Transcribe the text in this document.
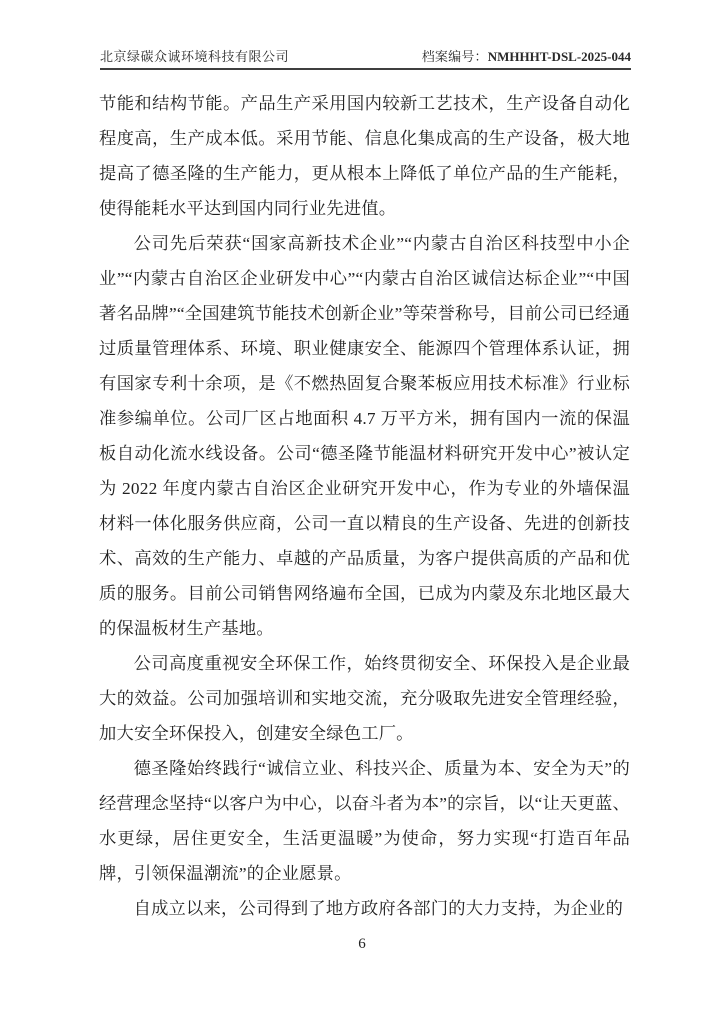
北京绿碳众诚环境科技有限公司	档案编号：NMHHHT-DSL-2025-044

节能和结构节能。产品生产采用国内较新工艺技术，生产设备自动化程度高，生产成本低。采用节能、信息化集成高的生产设备，极大地提高了德圣隆的生产能力，更从根本上降低了单位产品的生产能耗，使得能耗水平达到国内同行业先进值。

公司先后荣获“国家高新技术企业”“内蒙古自治区科技型中小企业”“内蒙古自治区企业研发中心”“内蒙古自治区诚信达标企业”“中国著名品牌”“全国建筑节能技术创新企业”等荣誉称号，目前公司已经通过质量管理体系、环境、职业健康安全、能源四个管理体系认证，拥有国家专利十余项，是《不燃热固复合聚苯板应用技术标准》行业标准参编单位。公司厂区占地面积 4.7 万平方米，拥有国内一流的保温板自动化流水线设备。公司“德圣隆节能温材料研究开发中心”被认定为 2022 年度内蒙古自治区企业研究开发中心，作为专业的外墙保温材料一体化服务供应商，公司一直以精良的生产设备、先进的创新技术、高效的生产能力、卓越的产品质量，为客户提供高质的产品和优质的服务。目前公司销售网络遍布全国，已成为内蒙及东北地区最大的保温板材生产基地。

公司高度重视安全环保工作，始终贯彻安全、环保投入是企业最大的效益。公司加强培训和实地交流，充分吸取先进安全管理经验，加大安全环保投入，创建安全绿色工厂。

德圣隆始终践行“诚信立业、科技兴企、质量为本、安全为天”的经营理念坚持“以客户为中心，以奋斗者为本”的宗旨，以“让天更蓝、水更绿，居住更安全，生活更温暖”为使命，努力实现“打造百年品牌，引领保温潮流”的企业愿景。

自成立以来，公司得到了地方政府各部门的大力支持，为企业的

6
